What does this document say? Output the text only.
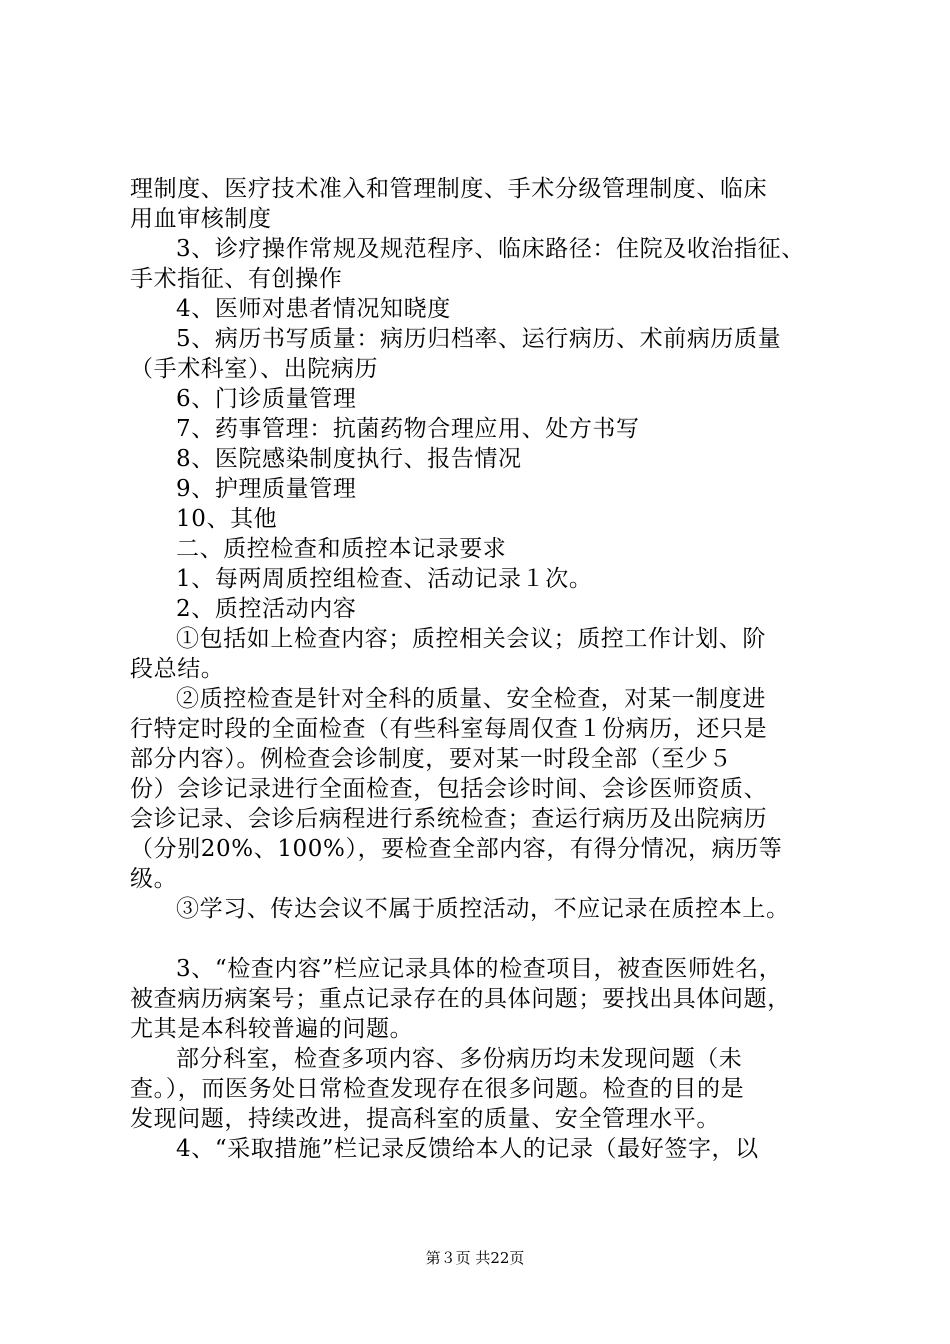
理制度、医疗技术准入和管理制度、手术分级管理制度、临床
用血审核制度
3、诊疗操作常规及规范程序、临床路径：住院及收治指征、
手术指征、有创操作
4、医师对患者情况知晓度
5、病历书写质量：病历归档率、运行病历、术前病历质量
（手术科室）、出院病历
6、门诊质量管理
7、药事管理：抗菌药物合理应用、处方书写
8、医院感染制度执行、报告情况
9、护理质量管理
10、其他
二、质控检查和质控本记录要求
1、每两周质控组检查、活动记录１次。
2、质控活动内容
①包括如上检查内容；质控相关会议；质控工作计划、阶
段总结。
②质控检查是针对全科的质量、安全检查，对某一制度进
行特定时段的全面检查（有些科室每周仅查１份病历，还只是
部分内容）。例检查会诊制度，要对某一时段全部（至少５
份）会诊记录进行全面检查，包括会诊时间、会诊医师资质、
会诊记录、会诊后病程进行系统检查；查运行病历及出院病历
（分别20%、100%），要检查全部内容，有得分情况，病历等
级。
③学习、传达会议不属于质控活动，不应记录在质控本上。
3、“检查内容”栏应记录具体的检查项目，被查医师姓名，
被查病历病案号；重点记录存在的具体问题；要找出具体问题，
尤其是本科较普遍的问题。
部分科室，检查多项内容、多份病历均未发现问题（未
查。），而医务处日常检查发现存在很多问题。检查的目的是
发现问题，持续改进，提高科室的质量、安全管理水平。
4、“采取措施”栏记录反馈给本人的记录（最好签字，以
第３页 共22页
